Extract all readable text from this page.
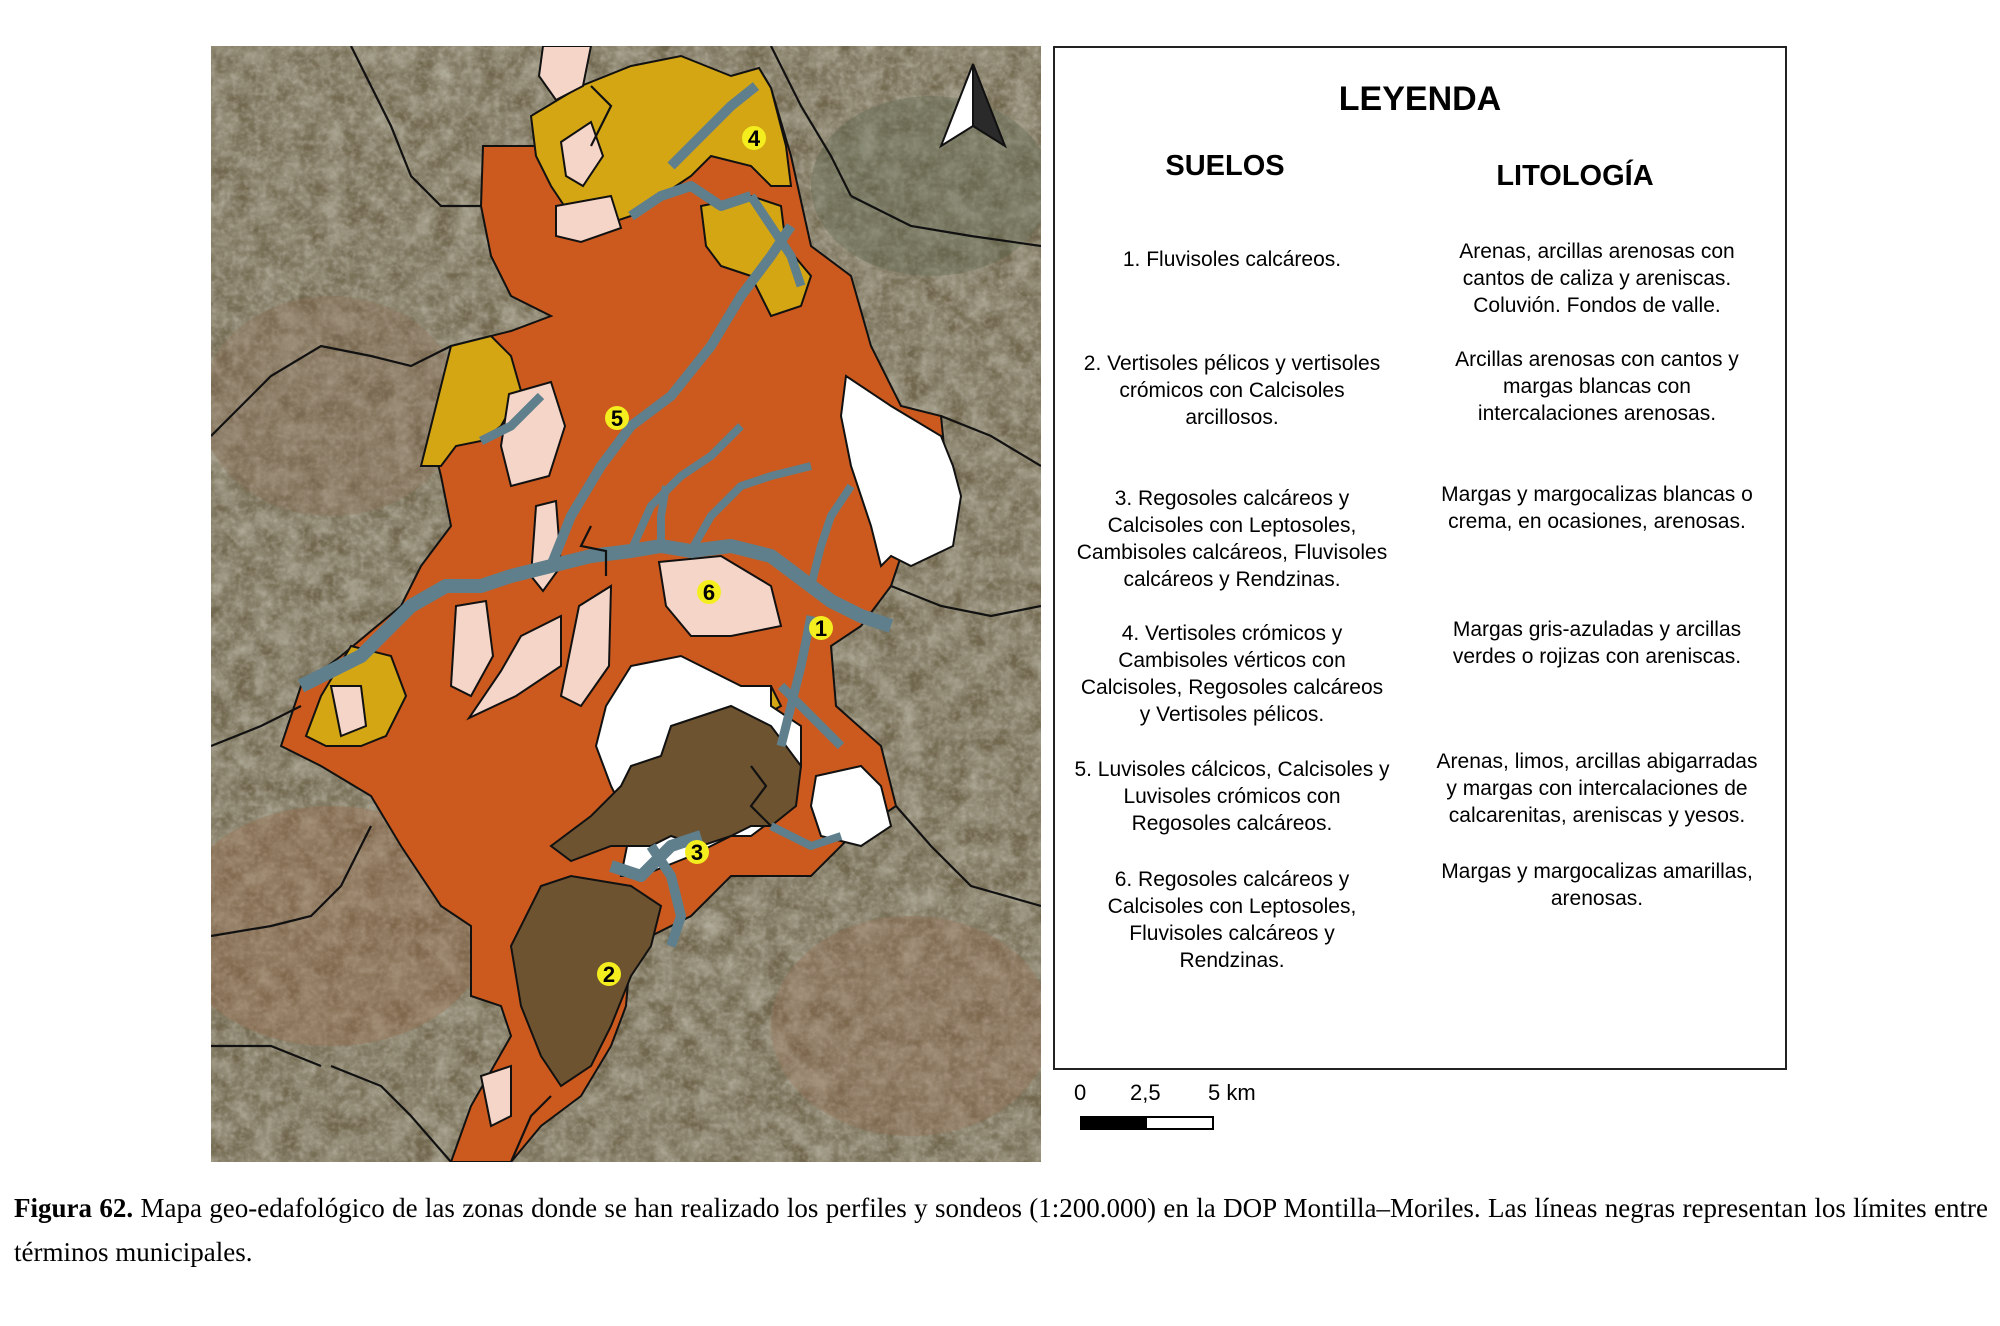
1
2
3
4
5
6
LEYENDA
SUELOS	LITOLOGÍA
1. Fluvisoles calcáreos.	Arenas, arcillas arenosas con
cantos de caliza y areniscas.
Coluvión. Fondos de valle.
2. Vertisoles pélicos y vertisoles
crómicos con Calcisoles
arcillosos.
Arcillas arenosas con cantos y
margas blancas con
intercalaciones arenosas.
3. Regosoles calcáreos y
Calcisoles con Leptosoles,
Cambisoles calcáreos, Fluvisoles
calcáreos y Rendzinas.
Margas y margocalizas blancas o
crema, en ocasiones, arenosas.
4. Vertisoles crómicos y
Cambisoles vérticos con
Calcisoles, Regosoles calcáreos
y Vertisoles pélicos.
Margas gris-azuladas y arcillas
verdes o rojizas con areniscas.
5. Luvisoles cálcicos, Calcisoles y
Luvisoles crómicos con
Regosoles calcáreos.
Arenas, limos, arcillas abigarradas
y margas con intercalaciones de
calcarenitas, areniscas y yesos.
6. Regosoles calcáreos y
Calcisoles con Leptosoles,
Fluvisoles calcáreos y
Rendzinas.
Margas y margocalizas amarillas,
arenosas.
0 2,5 5 km
Figura 62. Mapa geo-edafológico de las zonas donde se han realizado los perfiles y sondeos (1:200.000) en la DOP Montilla–Moriles. Las líneas negras representan los límites entre términos municipales.
